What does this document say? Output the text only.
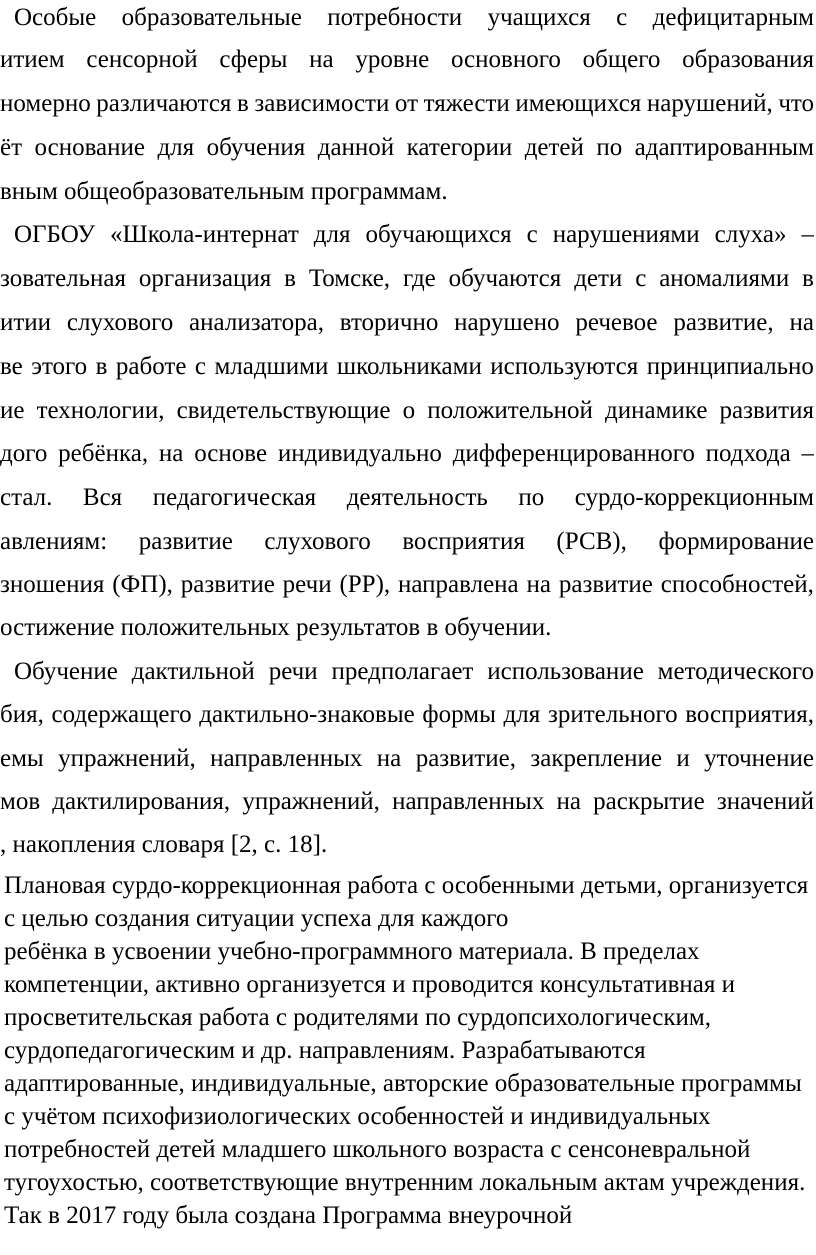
Особые образовательные потребности учащихся с дефицитарным
итием сенсорной сферы на уровне основного общего образования
номерно различаются в зависимости от тяжести имеющихся нарушений, что
ёт основание для обучения данной категории детей по адаптированным
вным общеобразовательным программам.
ОГБОУ «Школа-интернат для обучающихся с нарушениями слуха» –
зовательная организация в Томске, где обучаются дети с аномалиями в
итии слухового анализатора, вторично нарушено речевое развитие, на
ве этого в работе с младшими школьниками используются принципиально
ие технологии, свидетельствующие о положительной динамике развития
дого ребёнка, на основе индивидуально дифференцированного подхода –
стал. Вся педагогическая деятельность по сурдо-коррекционным
авлениям: развитие слухового восприятия (РСВ), формирование
зношения (ФП), развитие речи (РР), направлена на развитие способностей,
остижение положительных результатов в обучении.
Обучение дактильной речи предполагает использование методического
бия, содержащего дактильно-знаковые формы для зрительного восприятия,
емы упражнений, направленных на развитие, закрепление и уточнение
мов дактилирования, упражнений, направленных на раскрытие значений
, накопления словаря [2, с. 18].
Плановая сурдо-коррекционная работа с особенными детьми, организуется
с целью создания ситуации успеха для каждого
ребёнка в усвоении учебно-программного материала. В пределах
компетенции, активно организуется и проводится консультативная и
просветительская работа с родителями по сурдопсихологическим,
сурдопедагогическим и др. направлениям. Разрабатываются
адаптированные, индивидуальные, авторские образовательные программы
с учётом психофизиологических особенностей и индивидуальных
потребностей детей младшего школьного возраста с сенсоневральной
тугоухостью, соответствующие внутренним локальным актам учреждения.
Так в 2017 году была создана Программа внеурочной
